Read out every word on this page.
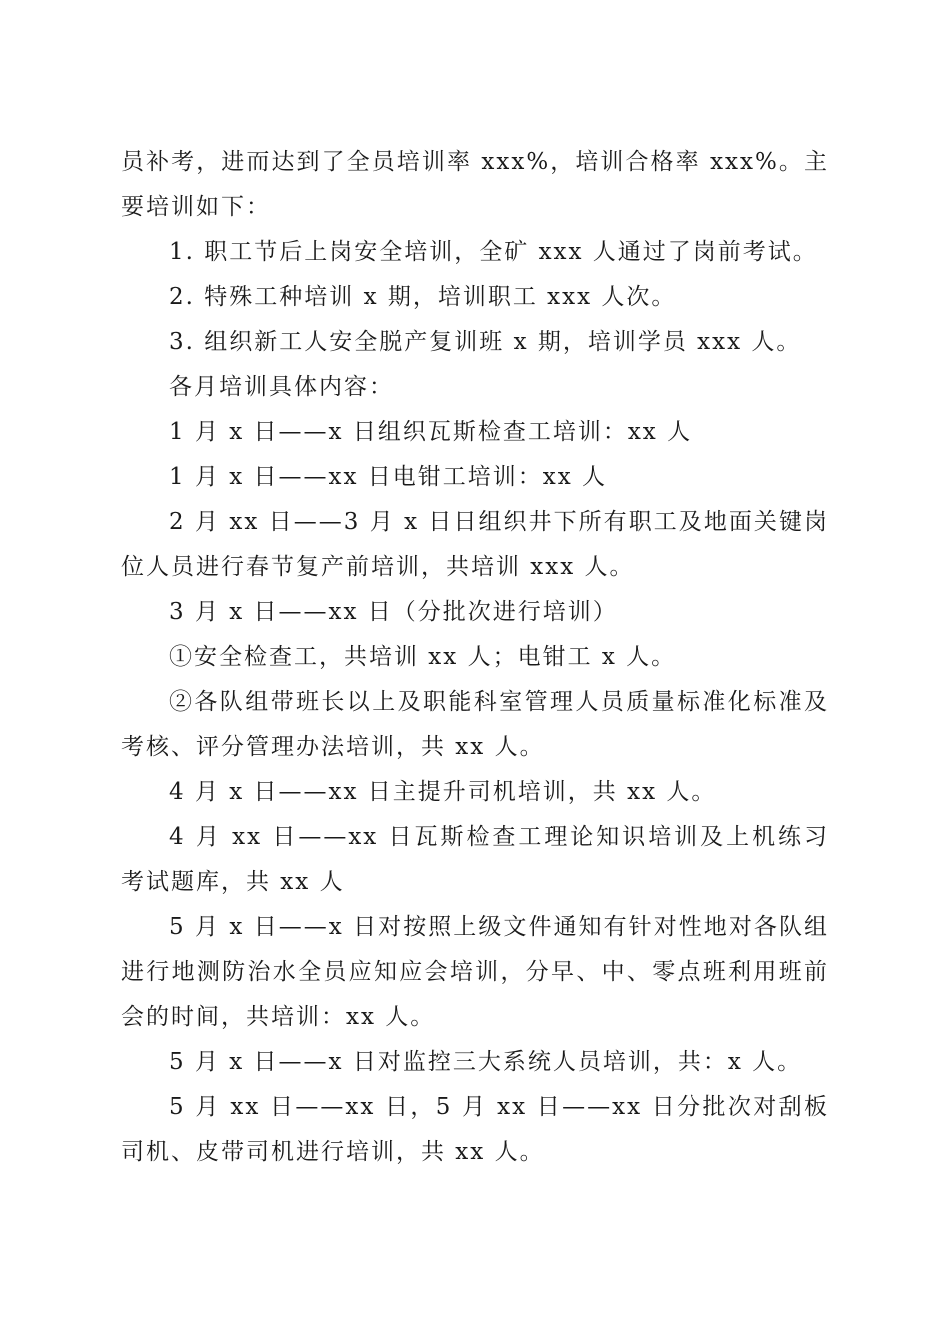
员补考，进而达到了全员培训率 xxx%，培训合格率 xxx%。主要培训如下：

1. 职工节后上岗安全培训，全矿 xxx 人通过了岗前考试。

2. 特殊工种培训 x 期，培训职工 xxx 人次。

3. 组织新工人安全脱产复训班 x 期，培训学员 xxx 人。

各月培训具体内容：

1 月 x 日——x 日组织瓦斯检查工培训：xx 人

1 月 x 日——xx 日电钳工培训：xx 人

2 月 xx 日——3 月 x 日日组织井下所有职工及地面关键岗位人员进行春节复产前培训，共培训 xxx 人。

3 月 x 日——xx 日（分批次进行培训）

①安全检查工，共培训 xx 人；电钳工 x 人。

②各队组带班长以上及职能科室管理人员质量标准化标准及考核、评分管理办法培训，共 xx 人。

4 月 x 日——xx 日主提升司机培训，共 xx 人。

4 月 xx 日——xx 日瓦斯检查工理论知识培训及上机练习考试题库，共 xx 人

5 月 x 日——x 日对按照上级文件通知有针对性地对各队组进行地测防治水全员应知应会培训，分早、中、零点班利用班前会的时间，共培训：xx 人。

5 月 x 日——x 日对监控三大系统人员培训，共：x 人。

5 月 xx 日——xx 日，5 月 xx 日——xx 日分批次对刮板司机、皮带司机进行培训，共 xx 人。
